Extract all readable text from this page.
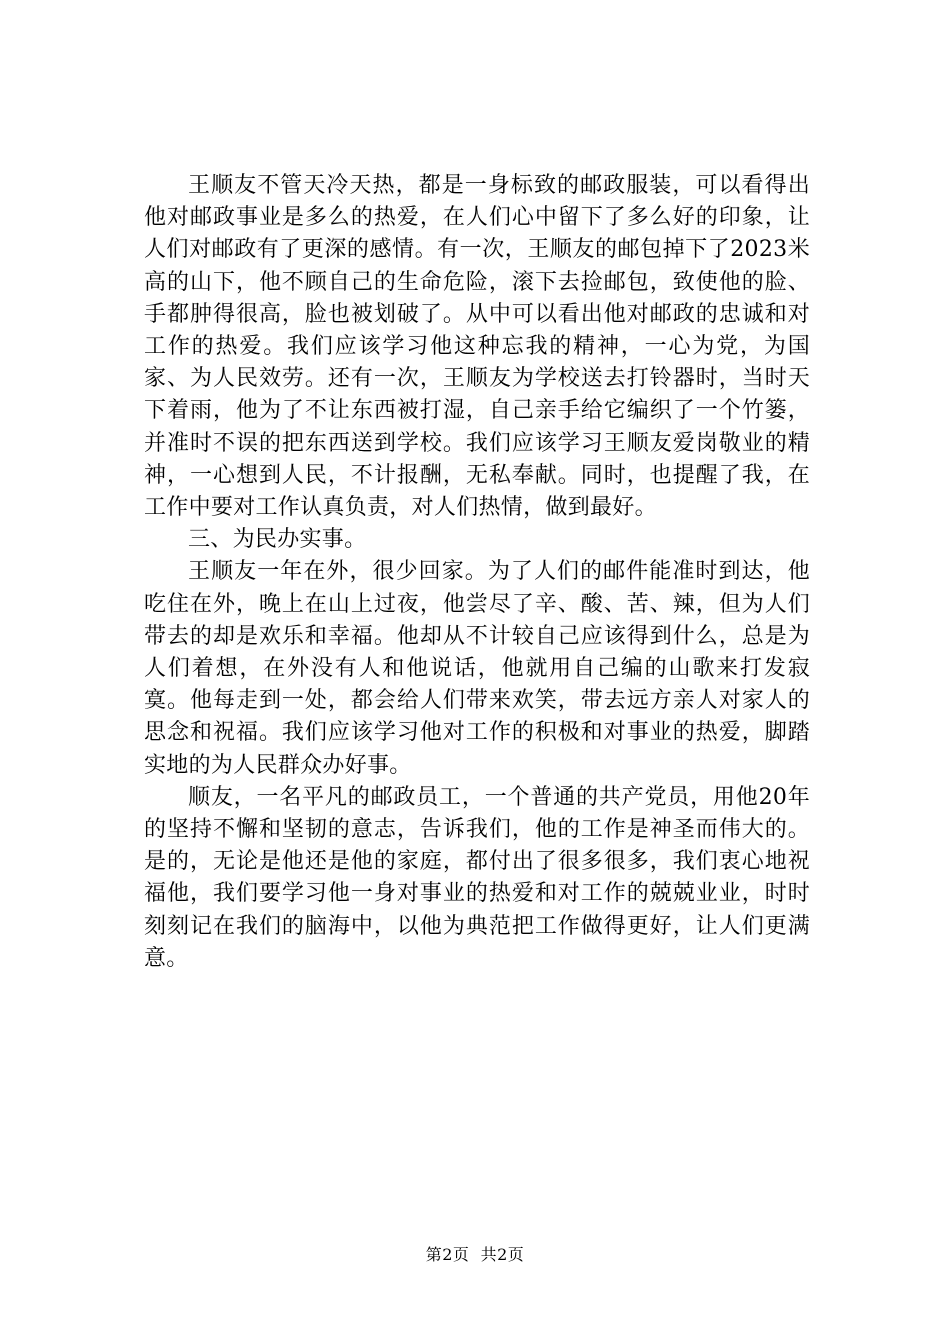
王顺友不管天冷天热，都是一身标致的邮政服装，可以看得出他对邮政事业是多么的热爱，在人们心中留下了多么好的印象，让人们对邮政有了更深的感情。有一次，王顺友的邮包掉下了2023米高的山下，他不顾自己的生命危险，滚下去捡邮包，致使他的脸、手都肿得很高，脸也被划破了。从中可以看出他对邮政的忠诚和对工作的热爱。我们应该学习他这种忘我的精神，一心为党，为国家、为人民效劳。还有一次，王顺友为学校送去打铃器时，当时天下着雨，他为了不让东西被打湿，自己亲手给它编织了一个竹篓，并准时不误的把东西送到学校。我们应该学习王顺友爱岗敬业的精神，一心想到人民，不计报酬，无私奉献。同时，也提醒了我，在工作中要对工作认真负责，对人们热情，做到最好。

三、为民办实事。

王顺友一年在外，很少回家。为了人们的邮件能准时到达，他吃住在外，晚上在山上过夜，他尝尽了辛、酸、苦、辣，但为人们带去的却是欢乐和幸福。他却从不计较自己应该得到什么，总是为人们着想，在外没有人和他说话，他就用自己编的山歌来打发寂寞。他每走到一处，都会给人们带来欢笑，带去远方亲人对家人的思念和祝福。我们应该学习他对工作的积极和对事业的热爱，脚踏实地的为人民群众办好事。

顺友，一名平凡的邮政员工，一个普通的共产党员，用他20年的坚持不懈和坚韧的意志，告诉我们，他的工作是神圣而伟大的。是的，无论是他还是他的家庭，都付出了很多很多，我们衷心地祝福他，我们要学习他一身对事业的热爱和对工作的兢兢业业，时时刻刻记在我们的脑海中，以他为典范把工作做得更好，让人们更满意。

第2页  共2页
